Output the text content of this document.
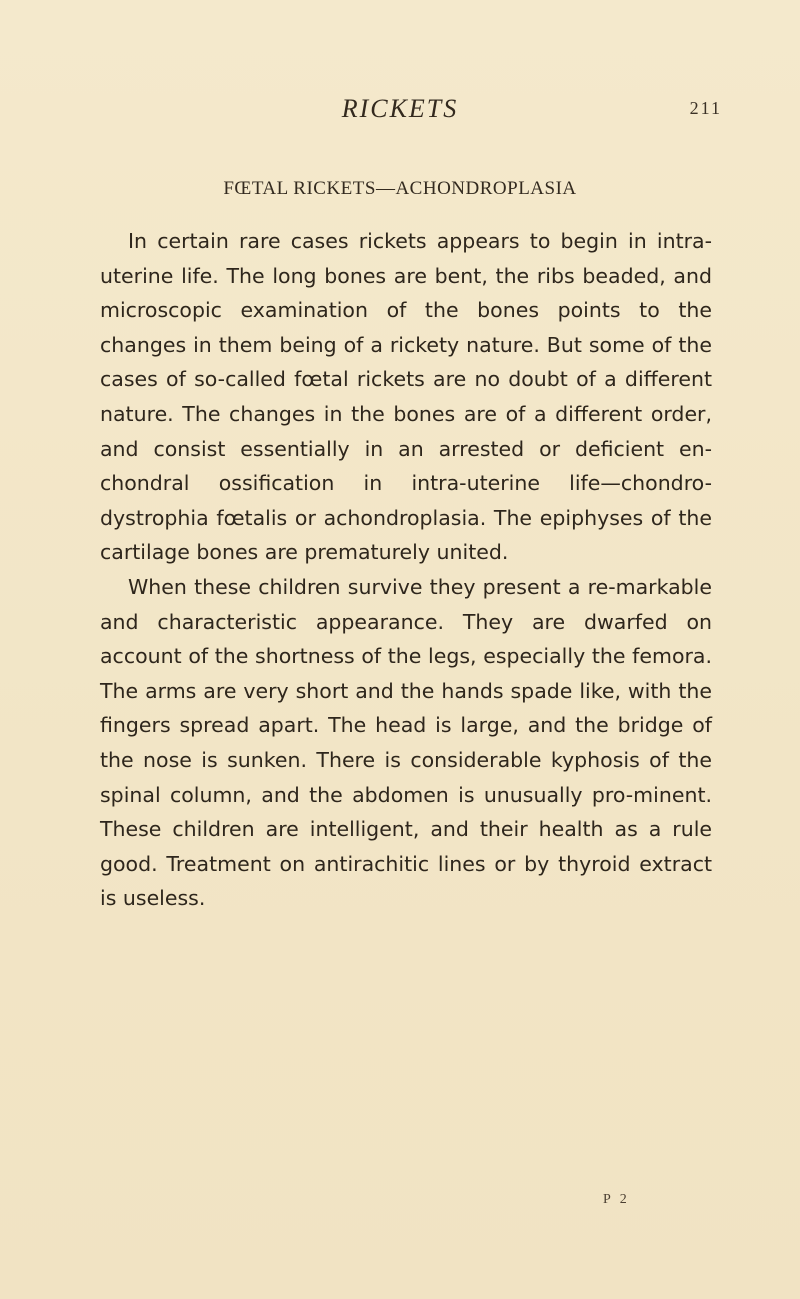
RICKETS	211
FŒTAL RICKETS—ACHONDROPLASIA

In certain rare cases rickets appears to begin in intra-uterine life. The long bones are bent, the ribs beaded, and microscopic examination of the bones points to the changes in them being of a rickety nature. But some of the cases of so-called fœtal rickets are no doubt of a different nature. The changes in the bones are of a different order, and consist essentially in an arrested or deficient en-chondral ossification in intra-uterine life—chondro-dystrophia fœtalis or achondroplasia. The epiphyses of the cartilage bones are prematurely united.

When these children survive they present a re-markable and characteristic appearance. They are dwarfed on account of the shortness of the legs, especially the femora. The arms are very short and the hands spade like, with the fingers spread apart. The head is large, and the bridge of the nose is sunken. There is considerable kyphosis of the spinal column, and the abdomen is unusually pro-minent. These children are intelligent, and their health as a rule good. Treatment on antirachitic lines or by thyroid extract is useless.

P 2
